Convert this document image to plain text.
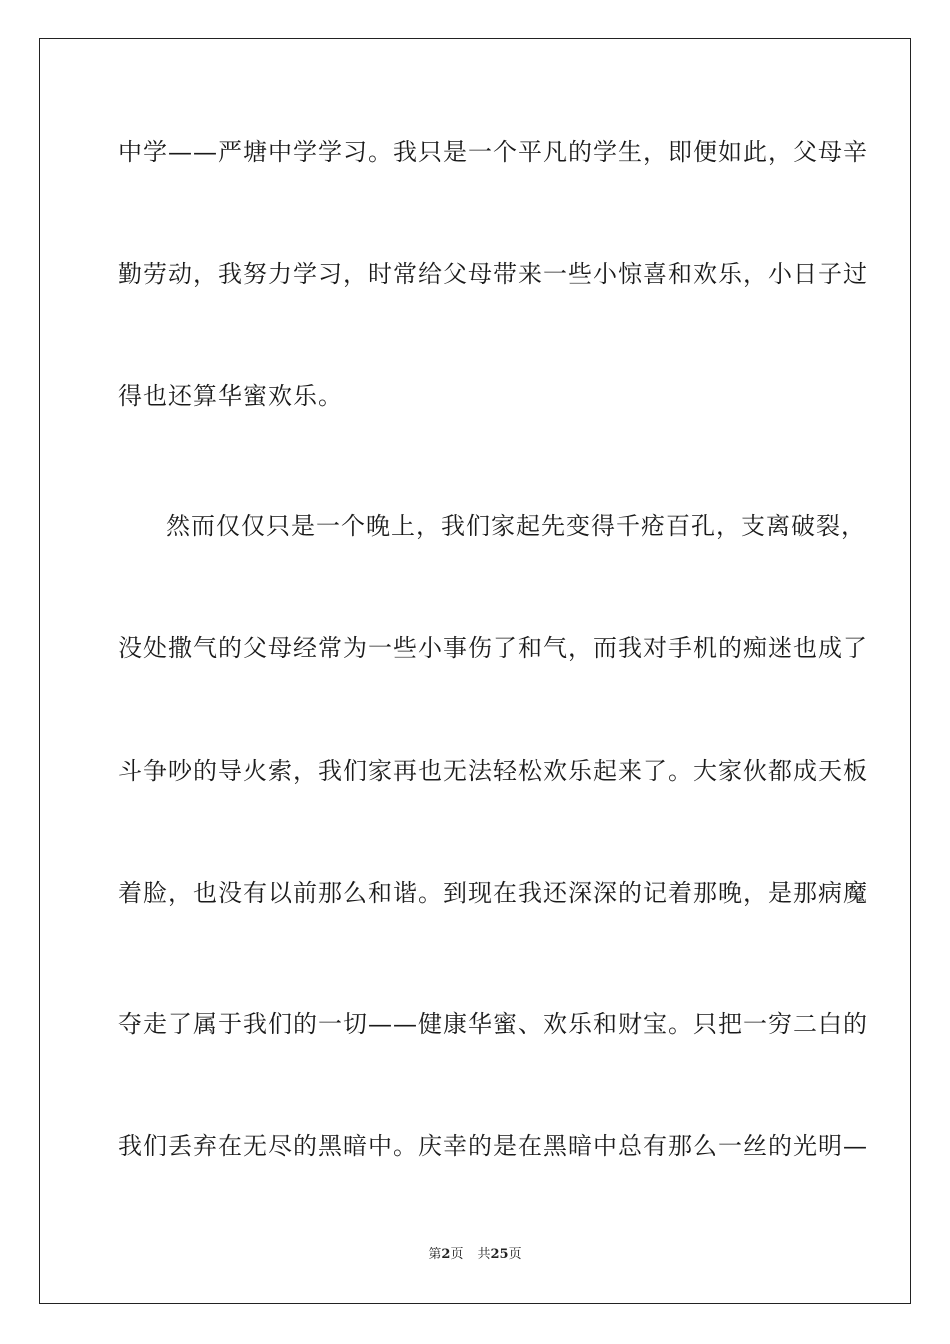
中学——严塘中学学习。我只是一个平凡的学生，即便如此，父母辛
勤劳动，我努力学习，时常给父母带来一些小惊喜和欢乐，小日子过
得也还算华蜜欢乐。
然而仅仅只是一个晚上，我们家起先变得千疮百孔，支离破裂，
没处撒气的父母经常为一些小事伤了和气，而我对手机的痴迷也成了
斗争吵的导火索，我们家再也无法轻松欢乐起来了。大家伙都成天板
着脸，也没有以前那么和谐。到现在我还深深的记着那晚，是那病魔
夺走了属于我们的一切——健康华蜜、欢乐和财宝。只把一穷二白的
我们丢弃在无尽的黑暗中。庆幸的是在黑暗中总有那么一丝的光明—
第2页 共25页
